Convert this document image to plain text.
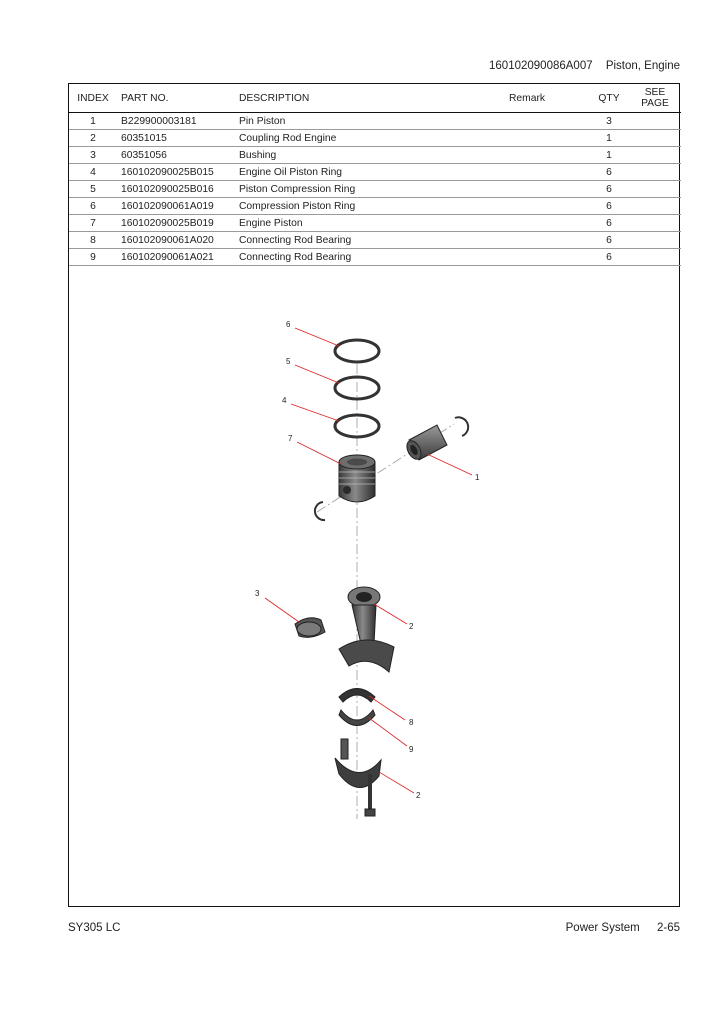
160102090086A007 Piston, Engine
INDEX	PART NO.	DESCRIPTION	Remark	QTY	SEE
PAGE
1	B229900003181	Pin Piston		3	
2	60351015	Coupling Rod Engine		1	
3	60351056	Bushing		1	
4	160102090025B015	Engine Oil Piston Ring		6	
5	160102090025B016	Piston Compression Ring		6	
6	160102090061A019	Compression Piston Ring		6	
7	160102090025B019	Engine Piston		6	
8	160102090061A020	Connecting Rod Bearing		6	
9	160102090061A021	Connecting Rod Bearing		6	
6
5
4
7
1
3
2
8
9
2
SY305 LC	Power System 2-65
